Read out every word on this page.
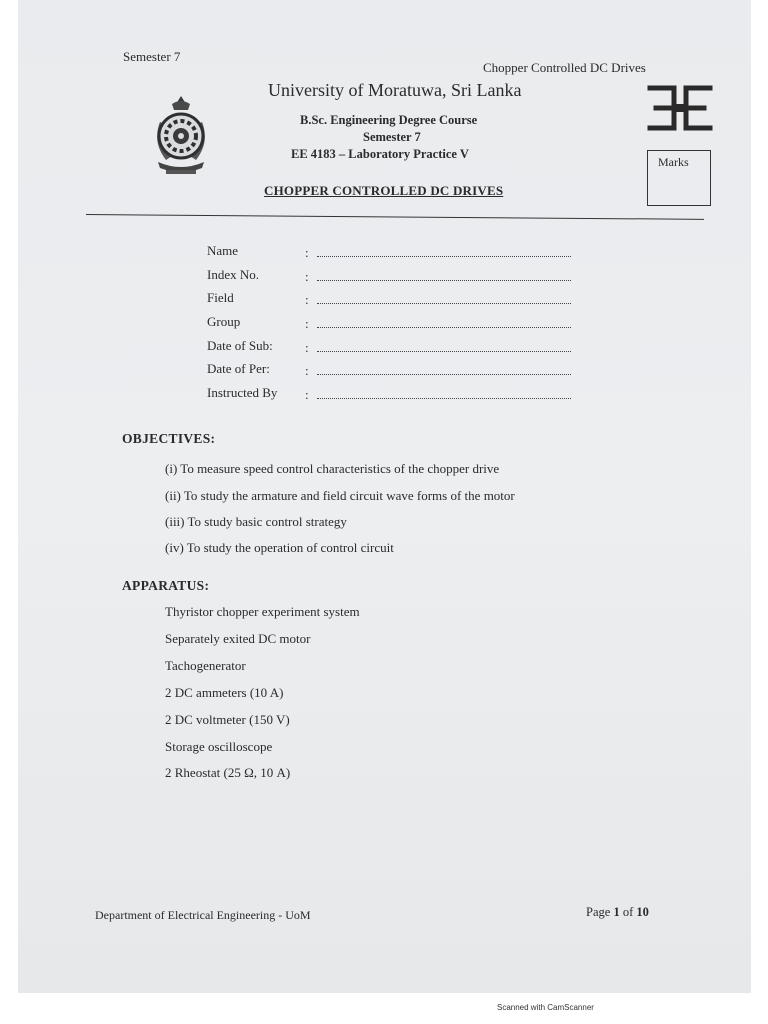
Semester 7
Chopper Controlled DC Drives
University of Moratuwa, Sri Lanka
B.Sc. Engineering Degree Course
Semester 7
EE 4183 – Laboratory Practice V
CHOPPER CONTROLLED DC DRIVES
Marks
Name	:
Index No.	:
Field	:
Group	:
Date of Sub: :
Date of Per:	:
Instructed By :
OBJECTIVES:
(i) To measure speed control characteristics of the chopper drive
(ii) To study the armature and field circuit wave forms of the motor
(iii) To study basic control strategy
(iv) To study the operation of control circuit
APPARATUS:
Thyristor chopper experiment system
Separately exited DC motor
Tachogenerator
2 DC ammeters (10 A)
2 DC voltmeter (150 V)
Storage oscilloscope
2 Rheostat (25 Ω, 10 A)
Department of Electrical Engineering - UoM	Page 1 of 10
Scanned with CamScanner
